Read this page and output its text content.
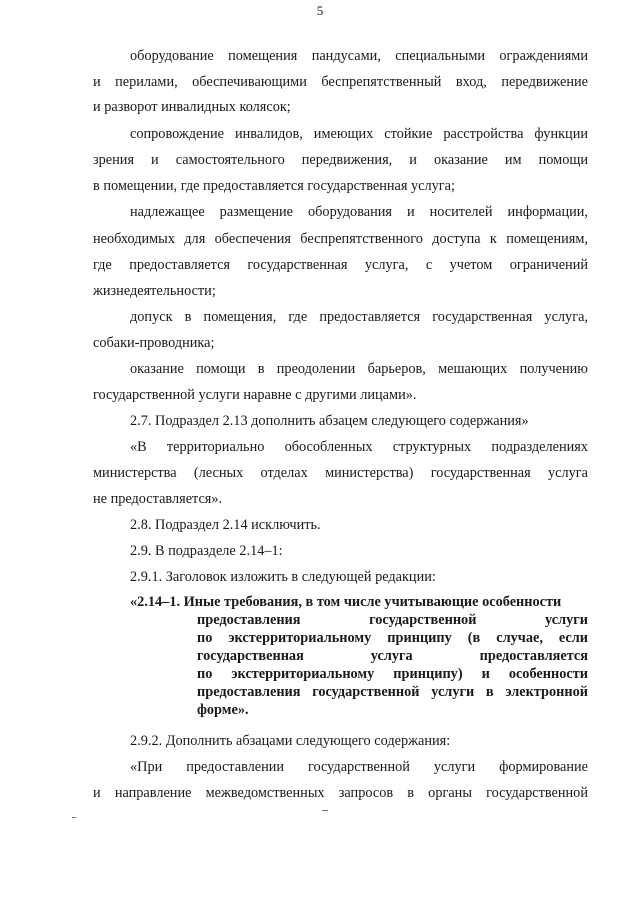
5
оборудование помещения пандусами, специальными ограждениями
и перилами, обеспечивающими беспрепятственный вход, передвижение
и разворот инвалидных колясок;
сопровождение инвалидов, имеющих стойкие расстройства функции
зрения и самостоятельного передвижения, и оказание им помощи
в помещении, где предоставляется государственная услуга;
надлежащее размещение оборудования и носителей информации,
необходимых для обеспечения беспрепятственного доступа к помещениям,
где предоставляется государственная услуга, с учетом ограничений
жизнедеятельности;
допуск в помещения, где предоставляется государственная услуга,
собаки-проводника;
оказание помощи в преодолении барьеров, мешающих получению
государственной услуги наравне с другими лицами».
2.7. Подраздел 2.13 дополнить абзацем следующего содержания»
«В территориально обособленных структурных подразделениях
министерства (лесных отделах министерства) государственная услуга
не предоставляется».
2.8. Подраздел 2.14 исключить.
2.9. В подразделе 2.14–1:
2.9.1. Заголовок изложить в следующей редакции:
«2.14–1. Иные требования, в том числе учитывающие особенности
предоставления государственной услуги
по экстерриториальному принципу (в случае, если
государственная услуга предоставляется
по экстерриториальному принципу) и особенности
предоставления государственной услуги в электронной
форме».
2.9.2. Дополнить абзацами следующего содержания:
«При предоставлении государственной услуги формирование
и направление межведомственных запросов в органы государственной
